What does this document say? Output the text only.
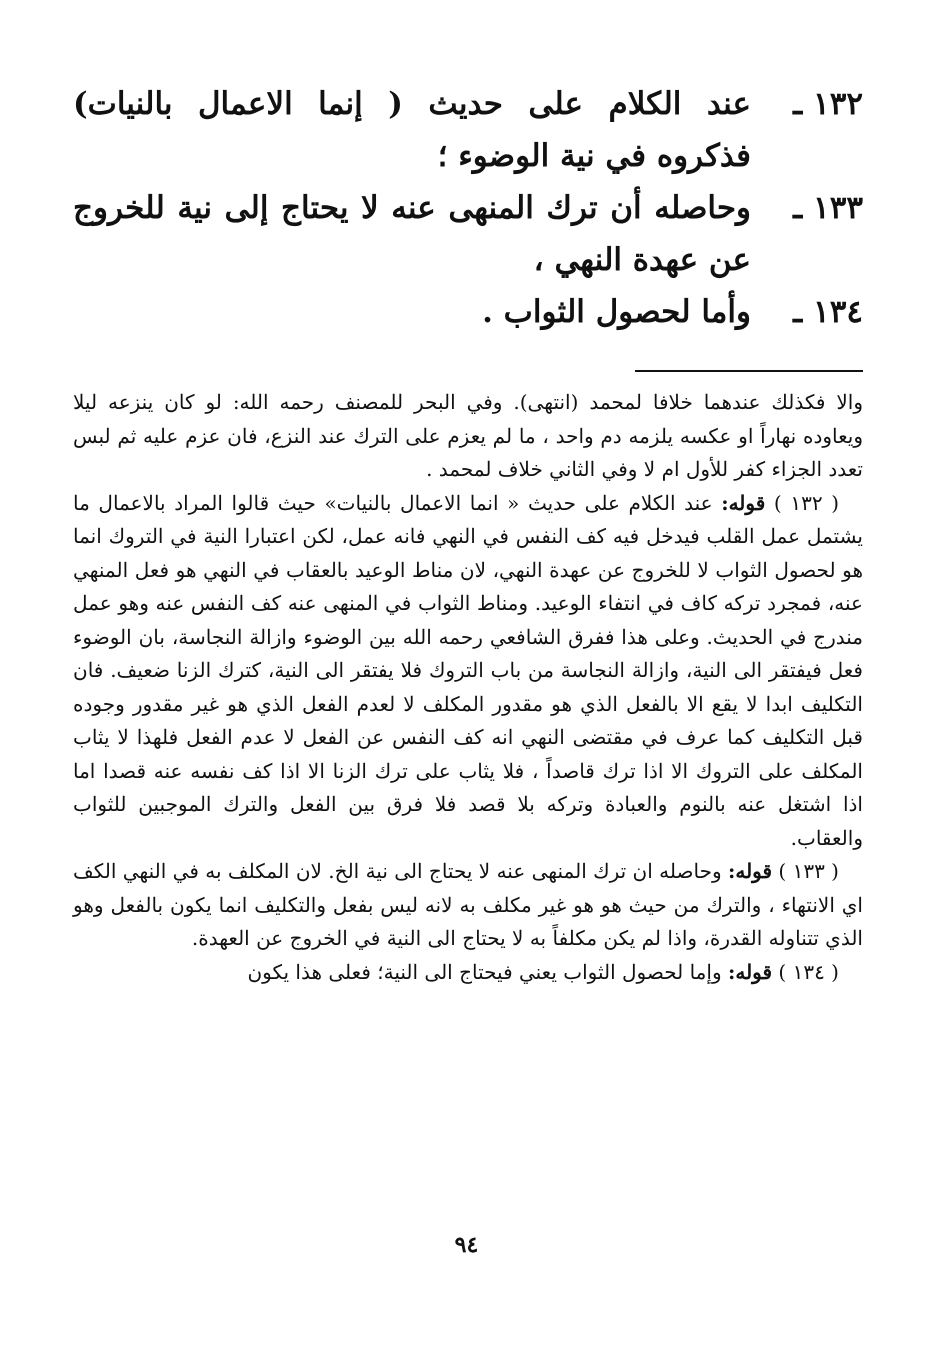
١٣٢ ـعند الكلام على حديث ( إنما الاعمال بالنيات) فذكروه في نية الوضوء ؛

١٣٣ ـوحاصله أن ترك المنهى عنه لا يحتاج إلى نية للخروج عن عهدة النهي ،

١٣٤ ـوأما لحصول الثواب .

والا فكذلك عندهما خلافا لمحمد (انتهى). وفي البحر للمصنف رحمه الله: لو كان ينزعه ليلا ويعاوده نهاراً او عكسه يلزمه دم واحد ، ما لم يعزم على الترك عند النزع، فان عزم عليه ثم لبس تعدد الجزاء كفر للأول ام لا وفي الثاني خلاف لمحمد .

( ١٣٢ ) قوله: عند الكلام على حديث « انما الاعمال بالنيات» حيث قالوا المراد بالاعمال ما يشتمل عمل القلب فيدخل فيه كف النفس في النهي فانه عمل، لكن اعتبارا النية في التروك انما هو لحصول الثواب لا للخروج عن عهدة النهي، لان مناط الوعيد بالعقاب في النهي هو فعل المنهي عنه، فمجرد تركه كاف في انتفاء الوعيد. ومناط الثواب في المنهى عنه كف النفس عنه وهو عمل مندرج في الحديث. وعلى هذا ففرق الشافعي رحمه الله بين الوضوء وازالة النجاسة، بان الوضوء فعل فيفتقر الى النية، وازالة النجاسة من باب التروك فلا يفتقر الى النية، كترك الزنا ضعيف. فان التكليف ابدا لا يقع الا بالفعل الذي هو مقدور المكلف لا لعدم الفعل الذي هو غير مقدور وجوده قبل التكليف كما عرف في مقتضى النهي انه كف النفس عن الفعل لا عدم الفعل فلهذا لا يثاب المكلف على التروك الا اذا ترك قاصداً ، فلا يثاب على ترك الزنا الا اذا كف نفسه عنه قصدا اما اذا اشتغل عنه بالنوم والعبادة وتركه بلا قصد فلا فرق بين الفعل والترك الموجبين للثواب والعقاب.

( ١٣٣ ) قوله: وحاصله ان ترك المنهى عنه لا يحتاج الى نية الخ. لان المكلف به في النهي الكف اي الانتهاء ، والترك من حيث هو هو غير مكلف به لانه ليس بفعل والتكليف انما يكون بالفعل وهو الذي تتناوله القدرة، واذا لم يكن مكلفاً به لا يحتاج الى النية في الخروج عن العهدة.

( ١٣٤ ) قوله: وإما لحصول الثواب يعني فيحتاج الى النية؛ فعلى هذا يكون

٩٤
